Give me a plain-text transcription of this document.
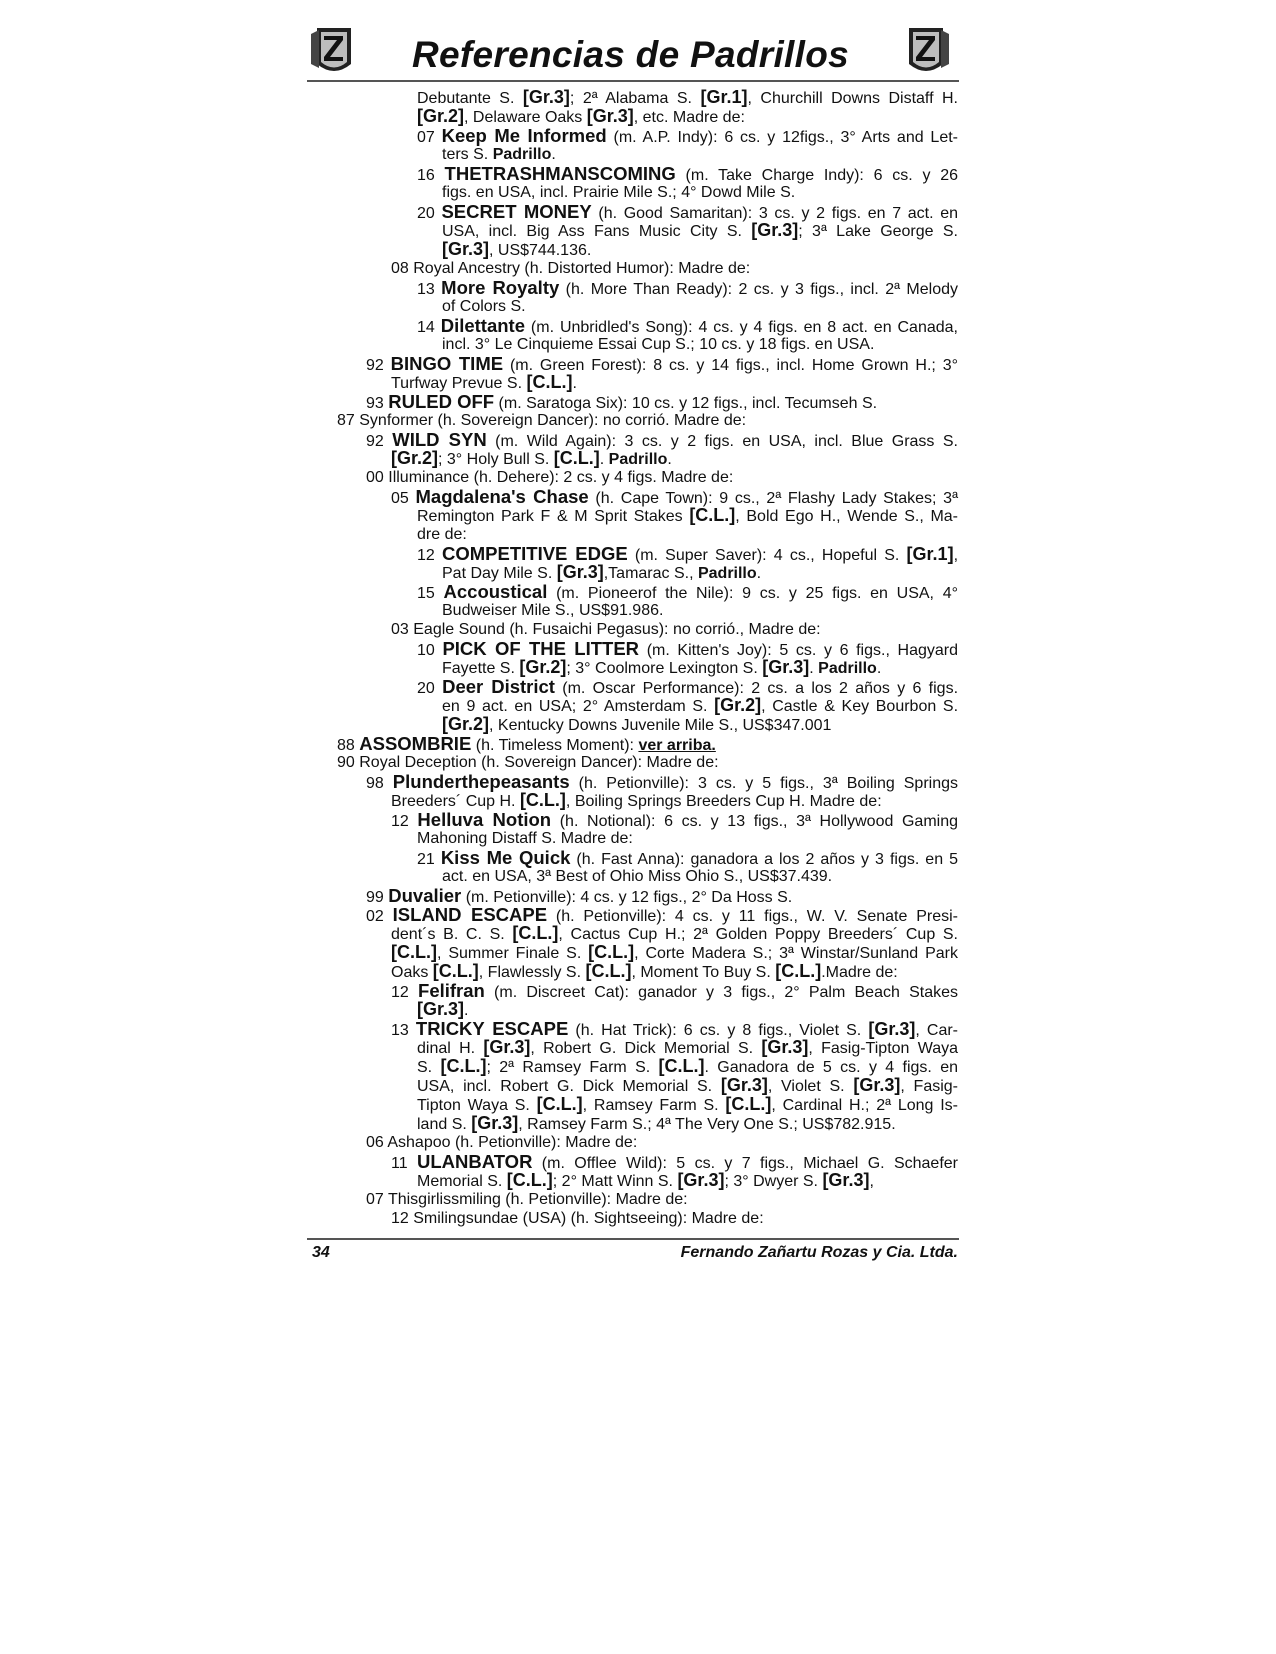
Referencias de Padrillos
Debutante S. [Gr.3]; 2ª Alabama S. [Gr.1], Churchill Downs Distaff H.
[Gr.2], Delaware Oaks [Gr.3], etc. Madre de:
07 Keep Me Informed (m. A.P. Indy): 6 cs. y 12figs., 3° Arts and Let-
ters S. Padrillo.
16 THETRASHMANSCOMING (m. Take Charge Indy): 6 cs. y 26
figs. en USA, incl. Prairie Mile S.; 4° Dowd Mile S.
20 SECRET MONEY (h. Good Samaritan): 3 cs. y 2 figs. en 7 act. en
USA, incl. Big Ass Fans Music City S. [Gr.3]; 3ª Lake George S.
[Gr.3], US$744.136.
08 Royal Ancestry (h. Distorted Humor): Madre de:
13 More Royalty (h. More Than Ready): 2 cs. y 3 figs., incl. 2ª Melody
of Colors S.
14 Dilettante (m. Unbridled's Song): 4 cs. y 4 figs. en 8 act. en Canada,
incl. 3° Le Cinquieme Essai Cup S.; 10 cs. y 18 figs. en USA.
92 BINGO TIME (m. Green Forest): 8 cs. y 14 figs., incl. Home Grown H.; 3°
Turfway Prevue S. [C.L.].
93 RULED OFF (m. Saratoga Six): 10 cs. y 12 figs., incl. Tecumseh S.
87 Synformer (h. Sovereign Dancer): no corrió. Madre de:
92 WILD SYN (m. Wild Again): 3 cs. y 2 figs. en USA, incl. Blue Grass S.
[Gr.2]; 3° Holy Bull S. [C.L.]. Padrillo.
00 Illuminance (h. Dehere): 2 cs. y 4 figs. Madre de:
05 Magdalena's Chase (h. Cape Town): 9 cs., 2ª Flashy Lady Stakes; 3ª
Remington Park F & M Sprit Stakes [C.L.], Bold Ego H., Wende S., Ma-
dre de:
12 COMPETITIVE EDGE (m. Super Saver): 4 cs., Hopeful S. [Gr.1],
Pat Day Mile S. [Gr.3],Tamarac S., Padrillo.
15 Accoustical (m. Pioneerof the Nile): 9 cs. y 25 figs. en USA, 4°
Budweiser Mile S., US$91.986.
03 Eagle Sound (h. Fusaichi Pegasus): no corrió., Madre de:
10 PICK OF THE LITTER (m. Kitten's Joy): 5 cs. y 6 figs., Hagyard
Fayette S. [Gr.2]; 3° Coolmore Lexington S. [Gr.3]. Padrillo.
20 Deer District (m. Oscar Performance): 2 cs. a los 2 años y 6 figs.
en 9 act. en USA; 2° Amsterdam S. [Gr.2], Castle & Key Bourbon S.
[Gr.2], Kentucky Downs Juvenile Mile S., US$347.001
88 ASSOMBRIE (h. Timeless Moment): ver arriba.
90 Royal Deception (h. Sovereign Dancer): Madre de:
98 Plunderthepeasants (h. Petionville): 3 cs. y 5 figs., 3ª Boiling Springs
Breeders´ Cup H. [C.L.], Boiling Springs Breeders Cup H. Madre de:
12 Helluva Notion (h. Notional): 6 cs. y 13 figs., 3ª Hollywood Gaming
Mahoning Distaff S. Madre de:
21 Kiss Me Quick (h. Fast Anna): ganadora a los 2 años y 3 figs. en 5
act. en USA, 3ª Best of Ohio Miss Ohio S., US$37.439.
99 Duvalier (m. Petionville): 4 cs. y 12 figs., 2° Da Hoss S.
02 ISLAND ESCAPE (h. Petionville): 4 cs. y 11 figs., W. V. Senate Presi-
dent´s B. C. S. [C.L.], Cactus Cup H.; 2ª Golden Poppy Breeders´ Cup S.
[C.L.], Summer Finale S. [C.L.], Corte Madera S.; 3ª Winstar/Sunland Park
Oaks [C.L.], Flawlessly S. [C.L.], Moment To Buy S. [C.L.].Madre de:
12 Felifran (m. Discreet Cat): ganador y 3 figs., 2° Palm Beach Stakes
[Gr.3].
13 TRICKY ESCAPE (h. Hat Trick): 6 cs. y 8 figs., Violet S. [Gr.3], Car-
dinal H. [Gr.3], Robert G. Dick Memorial S. [Gr.3], Fasig-Tipton Waya
S. [C.L.]; 2ª Ramsey Farm S. [C.L.]. Ganadora de 5 cs. y 4 figs. en
USA, incl. Robert G. Dick Memorial S. [Gr.3], Violet S. [Gr.3], Fasig-
Tipton Waya S. [C.L.], Ramsey Farm S. [C.L.], Cardinal H.; 2ª Long Is-
land S. [Gr.3], Ramsey Farm S.; 4ª The Very One S.; US$782.915.
06 Ashapoo (h. Petionville): Madre de:
11 ULANBATOR (m. Offlee Wild): 5 cs. y 7 figs., Michael G. Schaefer
Memorial S. [C.L.]; 2° Matt Winn S. [Gr.3]; 3° Dwyer S. [Gr.3],
07 Thisgirlissmiling (h. Petionville): Madre de:
12 Smilingsundae (USA) (h. Sightseeing): Madre de:
34	Fernando Zañartu Rozas y Cia. Ltda.
